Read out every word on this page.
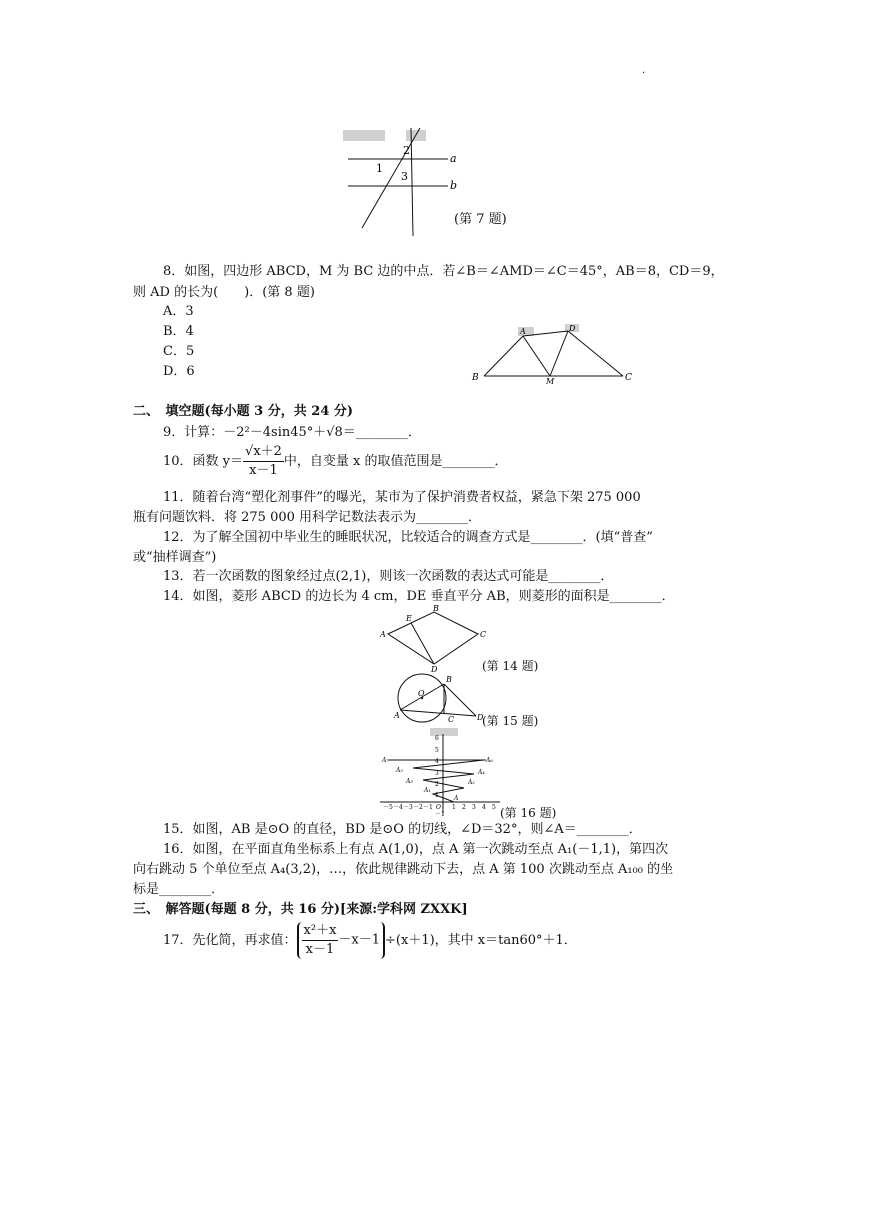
·
1
2
3
a
b
(第 7 题)
8．如图，四边形 ABCD，M 为 BC 边的中点．若∠B＝∠AMD＝∠C＝45°，AB＝8，CD＝9，
则 AD 的长为(　　)．(第 8 题)
A．3
B．4
C．5
D．6
A	D
B	M	C
二、　填空题(每小题 3 分，共 24 分)
9．计算：－2²－4sin45°＋√8＝________．
10．函数 $y= \frac{√x+2}{x-1}$ 中，自变量 x 的取值范围是________．
11．随着台湾“塑化剂事件”的曝光，某市为了保护消费者权益，紧急下架 275 000
瓶有问题饮料．将 275 000 用科学记数法表示为________．
12．为了解全国初中毕业生的睡眠状况，比较适合的调查方式是________．(填“普查”
或“抽样调查”)
13．若一次函数的图象经过点(2,1)，则该一次函数的表达式可能是________．
14．如图，菱形 ABCD 的边长为 4 cm，DE 垂直平分 AB，则菱形的面积是________．
E
B
A	C
D	(第 14 题)
B
O
A	C	D
(第 15 题)
6
5
4
3
2
1
－1
A₇
A₅
A₃
A₁
A₆
A₄
A₂
A
－5 －4 －3 －2 －1 O 1 2 3 4 5 (第 16 题)
15．如图，AB 是⊙O 的直径，BD 是⊙O 的切线，∠D＝32°，则∠A＝________．
16．如图，在平面直角坐标系上有点 A(1,0)，点 A 第一次跳动至点 A₁(－1,1)，第四次
向右跳动 5 个单位至点 A₄(3,2)，…，依此规律跳动下去，点 A 第 100 次跳动至点 A₁₀₀ 的坐
标是________．
三、　解答题(每题 8 分，共 16 分)[来源:学科网 ZXXK]
17．先化简，再求值： $\frac{\text{x²＋x}}{x-1} -x-1 \div(x+1)$，其中 x＝tan60°＋1．
